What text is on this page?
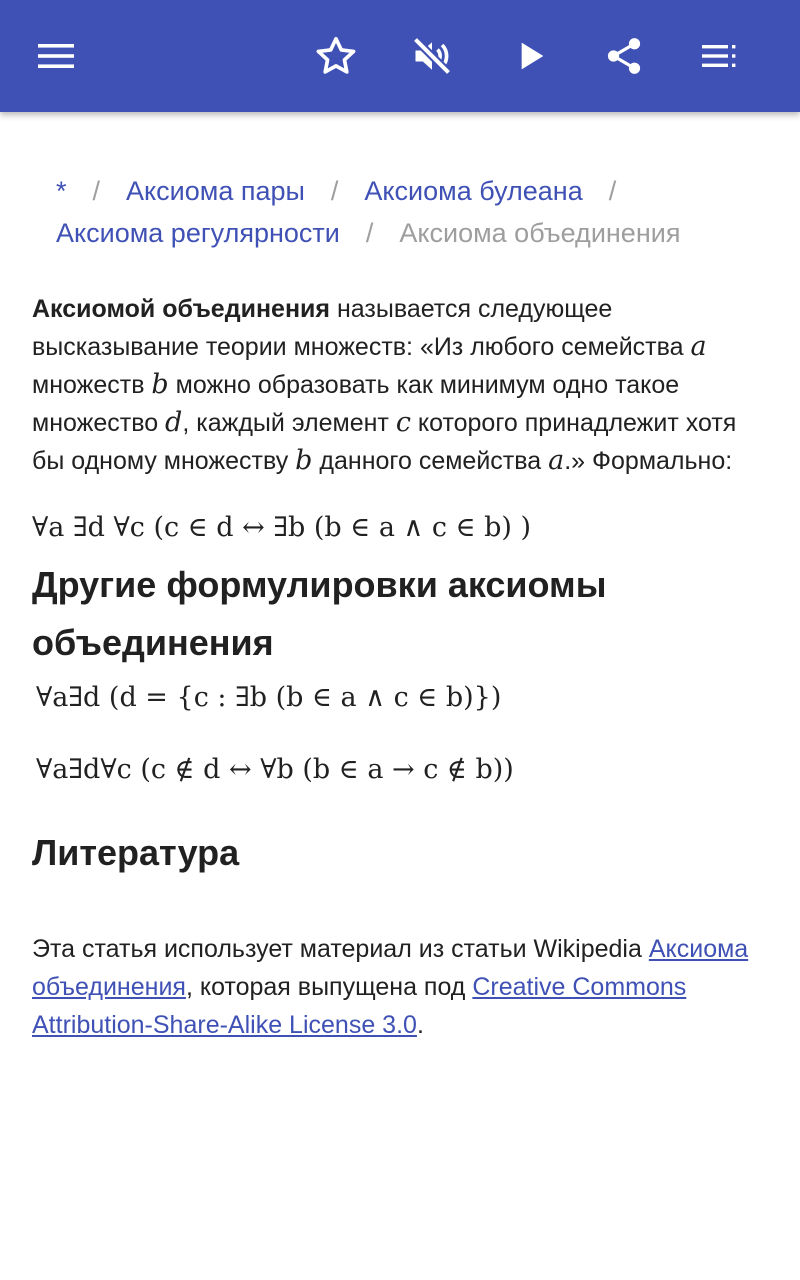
* / Аксиома пары / Аксиома булеана /
Аксиома регулярности / Аксиома объединения

Аксиомой объединения называется следующее высказывание теории множеств: «Из любого семейства a множеств b можно образовать как минимум одно такое множество d, каждый элемент c которого принадлежит хотя бы одному множеству b данного семейства a.» Формально:

∀a ∃d ∀c (c ∈ d ↔ ∃b (b ∈ a ∧ c ∈ b) )
Другие формулировки аксиомы объединения
∀a∃d (d = {c : ∃b (b ∈ a ∧ c ∈ b)})
∀a∃d∀c (c ∉ d ↔ ∀b (b ∈ a → c ∉ b))
Литература

Эта статья использует материал из статьи Wikipedia Аксиома объединения, которая выпущена под Creative Commons Attribution-Share-Alike License 3.0.
